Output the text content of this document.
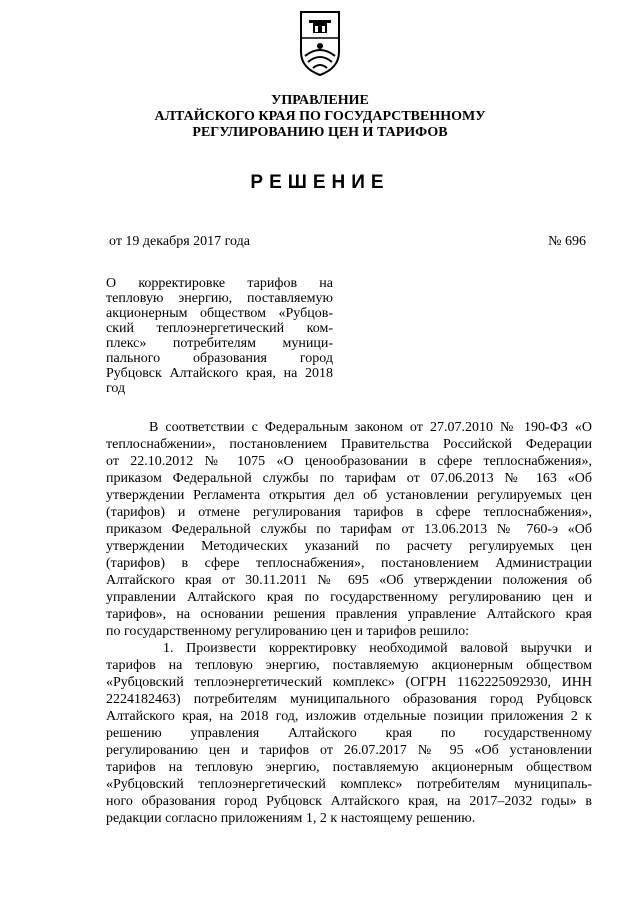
УПРАВЛЕНИЕ
АЛТАЙСКОГО КРАЯ ПО ГОСУДАРСТВЕННОМУ
РЕГУЛИРОВАНИЮ ЦЕН И ТАРИФОВ
РЕШЕНИЕ
от 19 декабря 2017 года	№ 696
О корректировке тарифов на
тепловую энергию, поставляемую
акционерным обществом «Рубцов-
ский теплоэнергетический ком-
плекс» потребителям муници-
пального образования город
Рубцовск Алтайского края, на 2018
год
В соответствии с Федеральным законом от 27.07.2010 № 190-ФЗ «О
теплоснабжении», постановлением Правительства Российской Федерации
от 22.10.2012 № 1075 «О ценообразовании в сфере теплоснабжения»,
приказом Федеральной службы по тарифам от 07.06.2013 № 163 «Об
утверждении Регламента открытия дел об установлении регулируемых цен
(тарифов) и отмене регулирования тарифов в сфере теплоснабжения»,
приказом Федеральной службы по тарифам от 13.06.2013 № 760-э «Об
утверждении Методических указаний по расчету регулируемых цен
(тарифов) в сфере теплоснабжения», постановлением Администрации
Алтайского края от 30.11.2011 № 695 «Об утверждении положения об
управлении Алтайского края по государственному регулированию цен и
тарифов», на основании решения правления управление Алтайского края
по государственному регулированию цен и тарифов решило:
1. Произвести корректировку необходимой валовой выручки и
тарифов на тепловую энергию, поставляемую акционерным обществом
«Рубцовский теплоэнергетический комплекс» (ОГРН 1162225092930, ИНН
2224182463) потребителям муниципального образования город Рубцовск
Алтайского края, на 2018 год, изложив отдельные позиции приложения 2 к
решению управления Алтайского края по государственному
регулированию цен и тарифов от 26.07.2017 № 95 «Об установлении
тарифов на тепловую энергию, поставляемую акционерным обществом
«Рубцовский теплоэнергетический комплекс» потребителям муниципаль-
ного образования город Рубцовск Алтайского края, на 2017–2032 годы» в
редакции согласно приложениям 1, 2 к настоящему решению.
